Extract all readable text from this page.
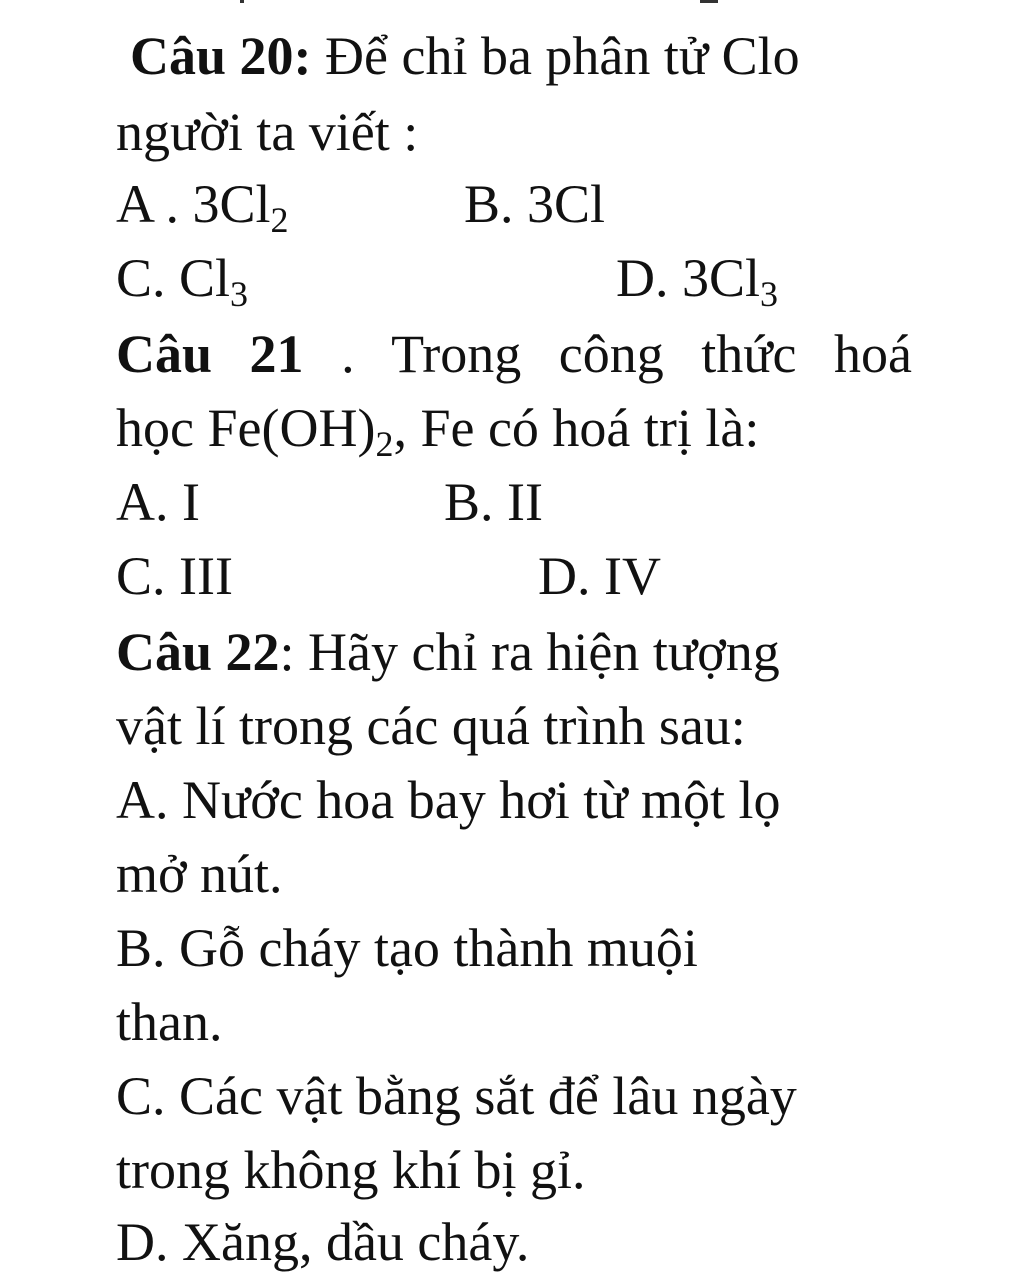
Câu 20: Để chỉ ba phân tử Clo
người ta viết :
A . $3Cl_2$	B. 3Cl
C. $Cl_3$	D. $3Cl_3$
Câu 21 . Trong công thức hoá
học $Fe(OH)_2$, Fe có hoá trị là:
A. I	B. II
C. III	D. IV
Câu 22: Hãy chỉ ra hiện tượng
vật lí trong các quá trình sau:
A. Nước hoa bay hơi từ một lọ
mở nút.
B. Gỗ cháy tạo thành muội
than.
C. Các vật bằng sắt để lâu ngày
trong không khí bị gỉ.
D. Xăng, dầu cháy.
